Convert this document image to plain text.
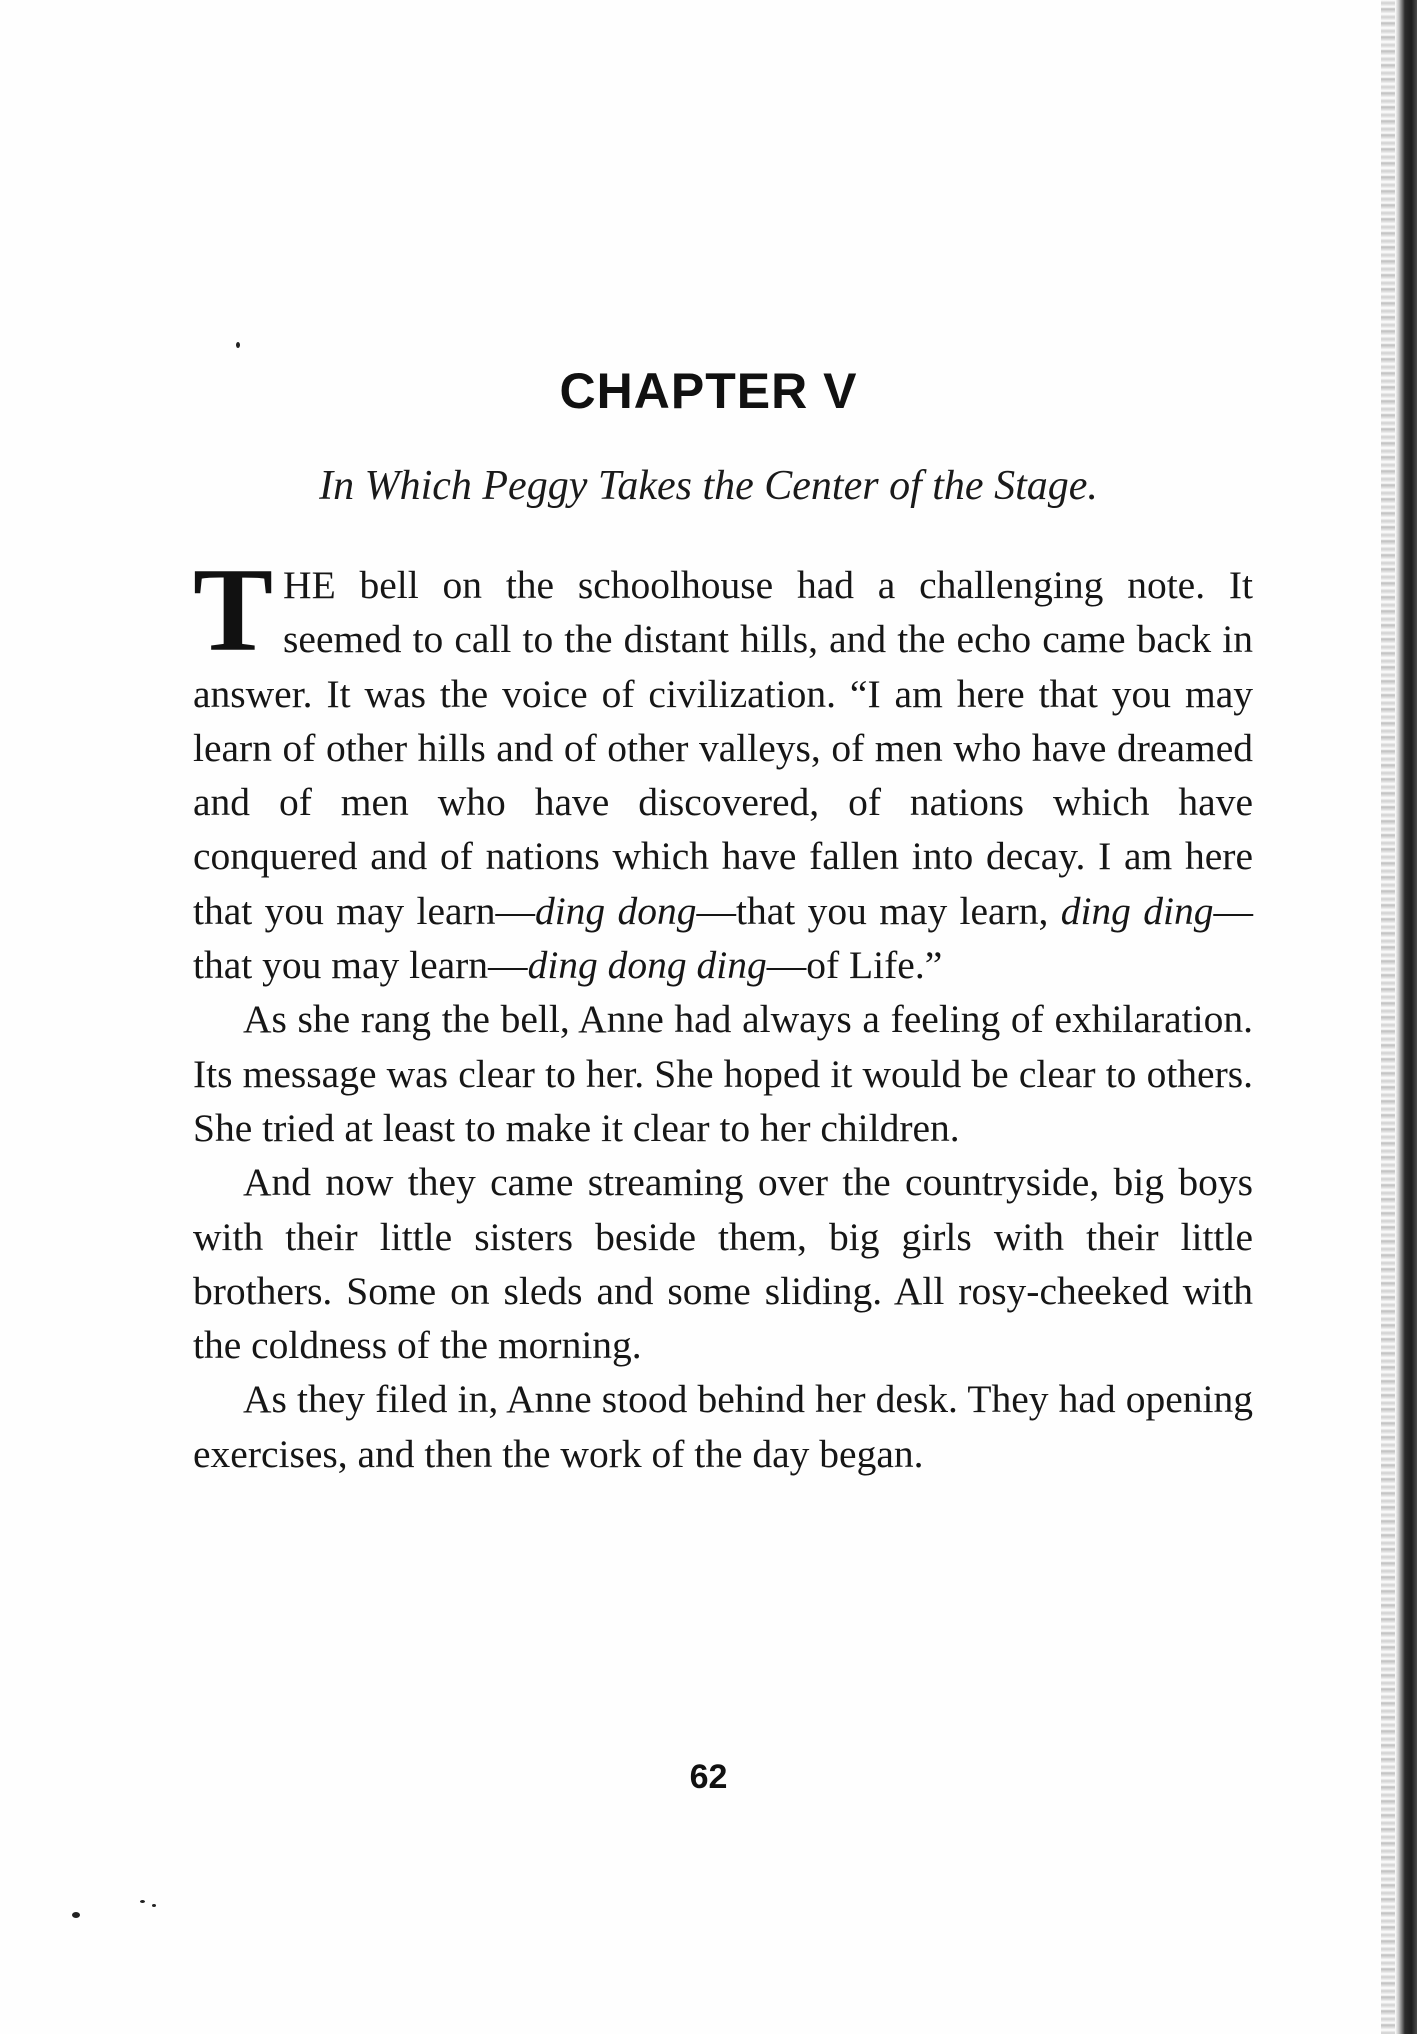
CHAPTER V
In Which Peggy Takes the Center of the Stage.

THE bell on the schoolhouse had a challenging note. It seemed to call to the distant hills, and the echo came back in answer. It was the voice of civilization. “I am here that you may learn of other hills and of other valleys, of men who have dreamed and of men who have discovered, of nations which have conquered and of nations which have fallen into decay. I am here that you may learn—ding dong—that you may learn, ding ding—that you may learn—ding dong ding—of Life.”

As she rang the bell, Anne had always a feeling of exhilaration. Its message was clear to her. She hoped it would be clear to others. She tried at least to make it clear to her children.

And now they came streaming over the countryside, big boys with their little sisters beside them, big girls with their little brothers. Some on sleds and some sliding. All rosy-cheeked with the coldness of the morning.

As they filed in, Anne stood behind her desk. They had opening exercises, and then the work of the day began.

62
